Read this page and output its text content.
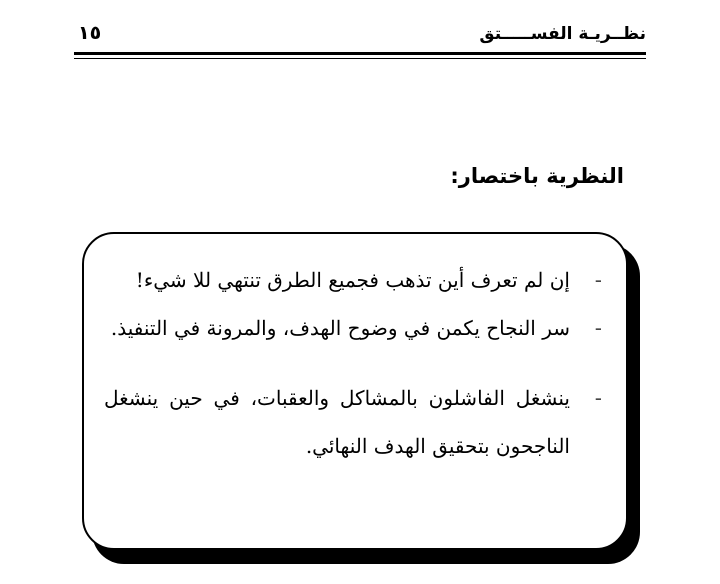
نظــريـة الفســـــتق
١٥
النظرية باختصار:
-
إن لم تعرف أين تذهب فجميع الطرق تنتهي للا شيء!
-
سر النجاح يكمن في وضوح الهدف، والمرونة في التنفيذ.
-
ينشغل الفاشلون بالمشاكل والعقبات، في حين ينشغل الناجحون بتحقيق الهدف النهائي.
